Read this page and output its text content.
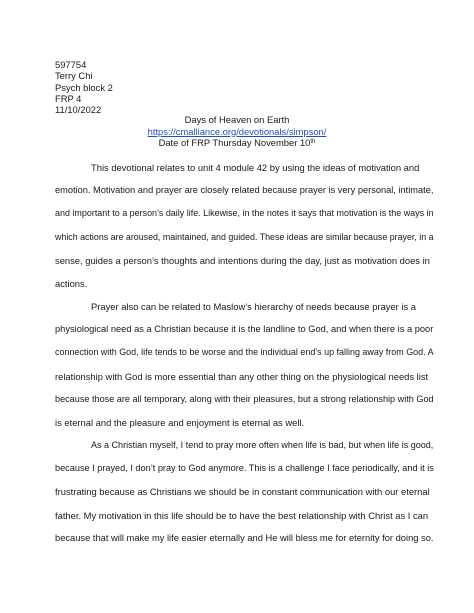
597754
Terry Chi
Psych block 2
FRP 4
11/10/2022
Days of Heaven on Earth
https://cmalliance.org/devotionals/simpson/
Date of FRP Thursday November 10th
This devotional relates to unit 4 module 42 by using the ideas of motivation and
emotion. Motivation and prayer are closely related because prayer is very personal, intimate,
and important to a person’s daily life. Likewise, in the notes it says that motivation is the ways in
which actions are aroused, maintained, and guided. These ideas are similar because prayer, in a
sense, guides a person’s thoughts and intentions during the day, just as motivation does in
actions.
Prayer also can be related to Maslow’s hierarchy of needs because prayer is a
physiological need as a Christian because it is the landline to God, and when there is a poor
connection with God, life tends to be worse and the individual end’s up falling away from God. A
relationship with God is more essential than any other thing on the physiological needs list
because those are all temporary, along with their pleasures, but a strong relationship with God
is eternal and the pleasure and enjoyment is eternal as well.
As a Christian myself, I tend to pray more often when life is bad, but when life is good,
because I prayed, I don’t pray to God anymore. This is a challenge I face periodically, and it is
frustrating because as Christians we should be in constant communication with our eternal
father. My motivation in this life should be to have the best relationship with Christ as I can
because that will make my life easier eternally and He will bless me for eternity for doing so.
